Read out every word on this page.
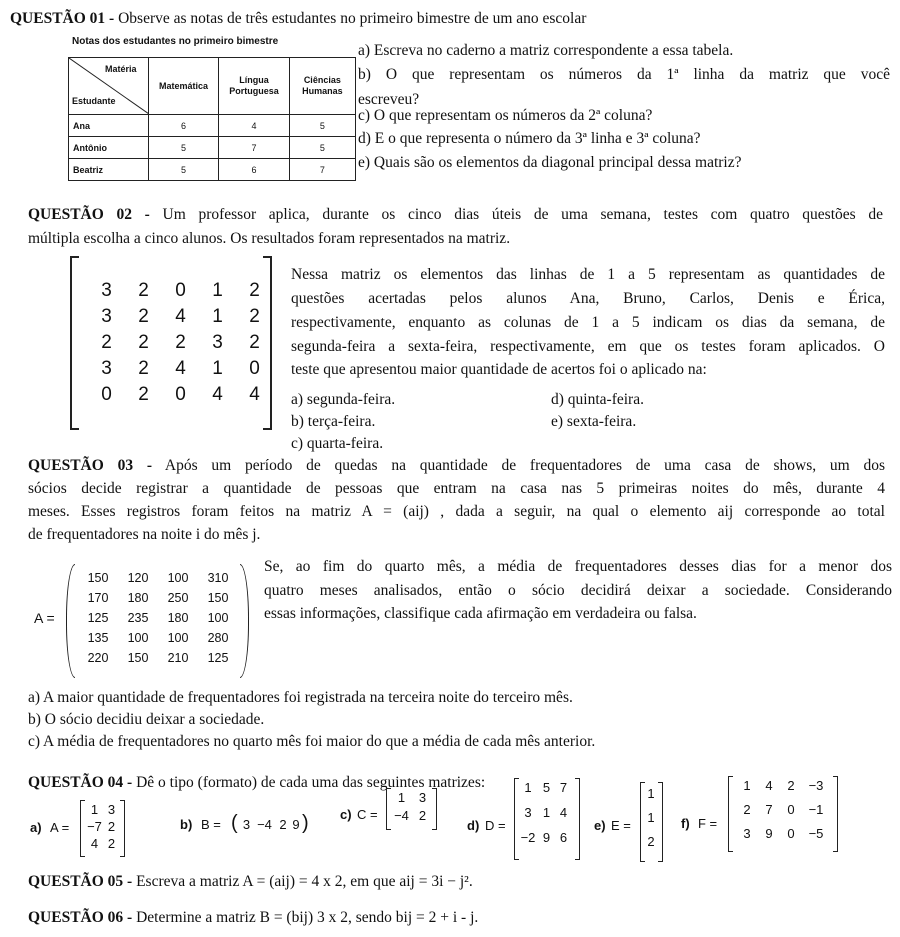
QUESTÃO 01 - Observe as notas de três estudantes no primeiro bimestre de um ano escolar
Notas dos estudantes no primeiro bimestre
Matéria
Estudante	Matemática	Língua Portuguesa	Ciências Humanas
Ana	6	4	5
Antônio	5	7	5
Beatriz	5	6	7
a) Escreva no caderno a matriz correspondente a essa tabela.
b) O que representam os números da 1ª linha da matriz que você
escreveu?
c) O que representam os números da 2ª coluna?
d) E o que representa o número da 3ª linha e 3ª coluna?
e) Quais são os elementos da diagonal principal dessa matriz?
QUESTÃO 02 - Um professor aplica, durante os cinco dias úteis de uma semana, testes com quatro questões de
múltipla escolha a cinco alunos. Os resultados foram representados na matriz.
3	2	0	1	2
3	2	4	1	2
2	2	2	3	2
3	2	4	1	0
0	2	0	4	4
Nessa matriz os elementos das linhas de 1 a 5 representam as quantidades de
questões acertadas pelos alunos Ana, Bruno, Carlos, Denis e Érica,
respectivamente, enquanto as colunas de 1 a 5 indicam os dias da semana, de
segunda-feira a sexta-feira, respectivamente, em que os testes foram aplicados. O
teste que apresentou maior quantidade de acertos foi o aplicado na:
a) segunda-feira.
b) terça-feira.
c) quarta-feira.
d) quinta-feira.
e) sexta-feira.
QUESTÃO 03 - Após um período de quedas na quantidade de frequentadores de uma casa de shows, um dos
sócios decide registrar a quantidade de pessoas que entram na casa nas 5 primeiras noites do mês, durante 4
meses. Esses registros foram feitos na matriz A = (aij) , dada a seguir, na qual o elemento aij corresponde ao total
de frequentadores na noite i do mês j.
A =
150	120	100	310
170	180	250	150
125	235	180	100
135	100	100	280
220	150	210	125
Se, ao fim do quarto mês, a média de frequentadores desses dias for a menor dos
quatro meses analisados, então o sócio decidirá deixar a sociedade. Considerando
essas informações, classifique cada afirmação em verdadeira ou falsa.
a) A maior quantidade de frequentadores foi registrada na terceira noite do terceiro mês.
b) O sócio decidiu deixar a sociedade.
c) A média de frequentadores no quarto mês foi maior do que a média de cada mês anterior.
QUESTÃO 04 - Dê o tipo (formato) de cada uma das seguintes matrizes:
a) A =
1 3
−7 2
4 2
b) B = (	)
3 −4 2 9
c) C =
1	3
−4 2
d) D =
1 5 7
3 1 4
−2 9 6
e) E =
1
1
2
f) F =
1	4	2	−3
2	7	0	−1
3	9	0	−5
QUESTÃO 05 - Escreva a matriz A = (aij) = 4 x 2, em que aij = 3i − j².
QUESTÃO 06 - Determine a matriz B = (bij) 3 x 2, sendo bij = 2 + i - j.
